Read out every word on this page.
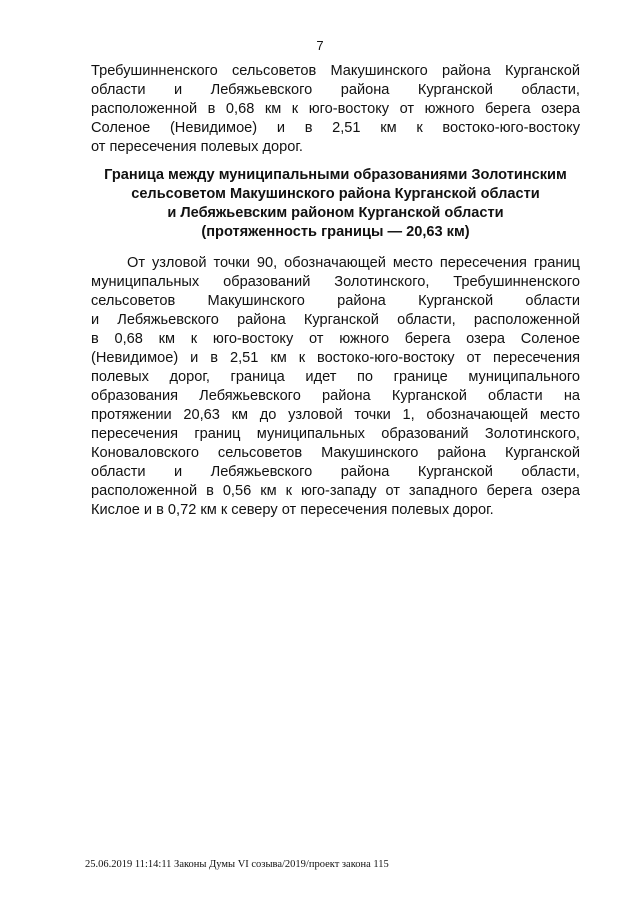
7
Требушинненского сельсоветов Макушинского района Курганской
области и Лебяжьевского района Курганской области,
расположенной в 0,68 км к юго-востоку от южного берега озера
Соленое (Невидимое) и в 2,51 км к востоко-юго-востоку
от пересечения полевых дорог.
Граница между муниципальными образованиями Золотинским
сельсоветом Макушинского района Курганской области
и Лебяжьевским районом Курганской области
(протяженность границы — 20,63 км)
От узловой точки 90, обозначающей место пересечения границ
муниципальных образований Золотинского, Требушинненского
сельсоветов Макушинского района Курганской области
и Лебяжьевского района Курганской области, расположенной
в 0,68 км к юго-востоку от южного берега озера Соленое
(Невидимое) и в 2,51 км к востоко-юго-востоку от пересечения
полевых дорог, граница идет по границе муниципального
образования Лебяжьевского района Курганской области на
протяжении 20,63 км до узловой точки 1, обозначающей место
пересечения границ муниципальных образований Золотинского,
Коноваловского сельсоветов Макушинского района Курганской
области и Лебяжьевского района Курганской области,
расположенной в 0,56 км к юго-западу от западного берега озера
Кислое и в 0,72 км к северу от пересечения полевых дорог.
25.06.2019 11:14:11 Законы Думы VI созыва/2019/проект закона 115
